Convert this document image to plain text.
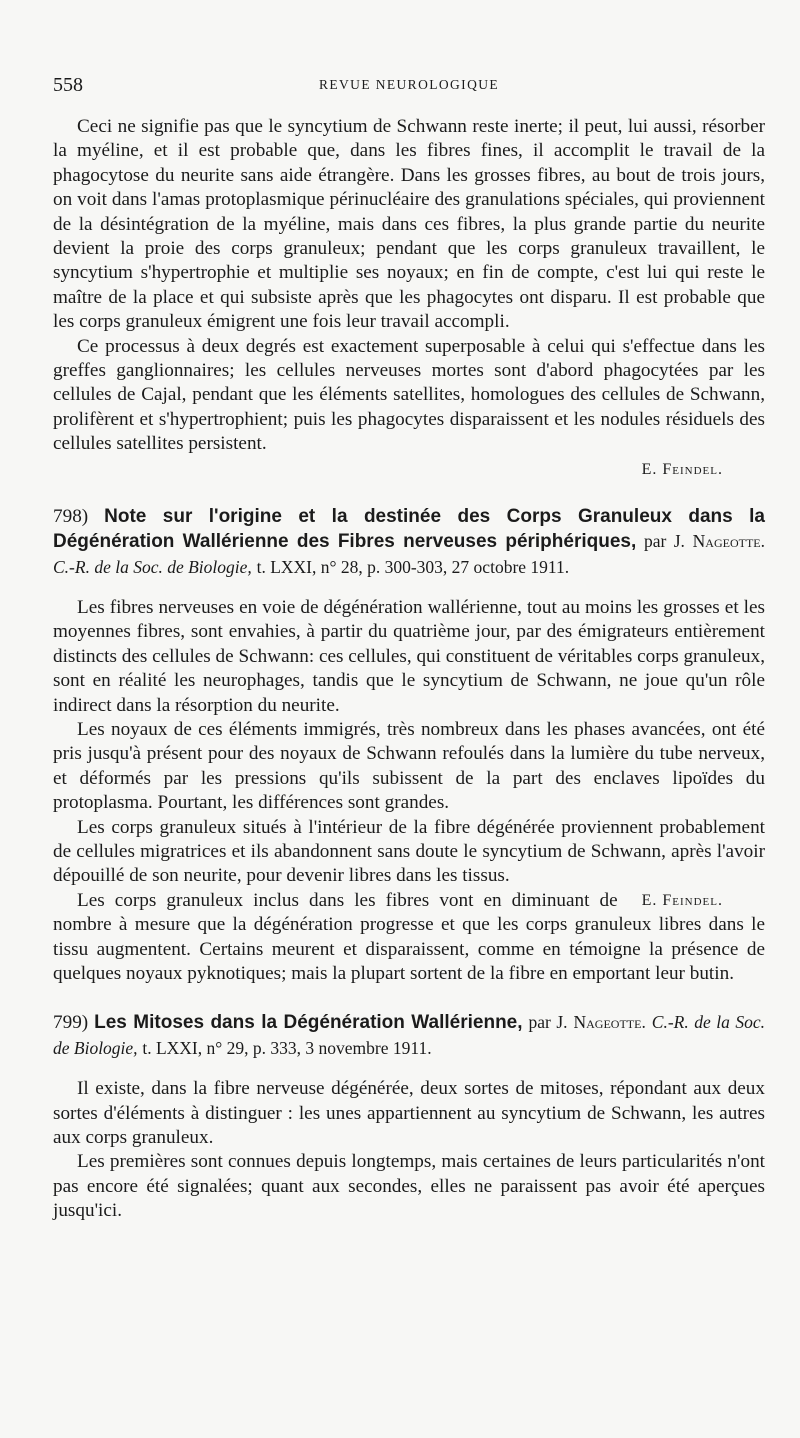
558	REVUE NEUROLOGIQUE

Ceci ne signifie pas que le syncytium de Schwann reste inerte; il peut, lui aussi, résorber la myéline, et il est probable que, dans les fibres fines, il accomplit le travail de la phagocytose du neurite sans aide étrangère. Dans les grosses fibres, au bout de trois jours, on voit dans l'amas protoplasmique périnucléaire des granulations spéciales, qui proviennent de la désintégration de la myéline, mais dans ces fibres, la plus grande partie du neurite devient la proie des corps granuleux; pendant que les corps granuleux travaillent, le syncytium s'hypertrophie et multiplie ses noyaux; en fin de compte, c'est lui qui reste le maître de la place et qui subsiste après que les phagocytes ont disparu. Il est probable que les corps granuleux émigrent une fois leur travail accompli.

Ce processus à deux degrés est exactement superposable à celui qui s'effectue dans les greffes ganglionnaires; les cellules nerveuses mortes sont d'abord phagocytées par les cellules de Cajal, pendant que les éléments satellites, homologues des cellules de Schwann, prolifèrent et s'hypertrophient; puis les phagocytes disparaissent et les nodules résiduels des cellules satellites persistent.

E. Feindel.

798) Note sur l'origine et la destinée des Corps Granuleux dans la Dégénération Wallérienne des Fibres nerveuses périphériques, par J. Nageotte. C.-R. de la Soc. de Biologie, t. LXXI, n° 28, p. 300-303, 27 octobre 1911.

Les fibres nerveuses en voie de dégénération wallérienne, tout au moins les grosses et les moyennes fibres, sont envahies, à partir du quatrième jour, par des émigrateurs entièrement distincts des cellules de Schwann: ces cellules, qui constituent de véritables corps granuleux, sont en réalité les neurophages, tandis que le syncytium de Schwann, ne joue qu'un rôle indirect dans la résorption du neurite.

Les noyaux de ces éléments immigrés, très nombreux dans les phases avancées, ont été pris jusqu'à présent pour des noyaux de Schwann refoulés dans la lumière du tube nerveux, et déformés par les pressions qu'ils subissent de la part des enclaves lipoïdes du protoplasma. Pourtant, les différences sont grandes.

Les corps granuleux situés à l'intérieur de la fibre dégénérée proviennent probablement de cellules migratrices et ils abandonnent sans doute le syncytium de Schwann, après l'avoir dépouillé de son neurite, pour devenir libres dans les tissus.

E. Feindel.
Les corps granuleux inclus dans les fibres vont en diminuant de nombre à mesure que la dégénération progresse et que les corps granuleux libres dans le tissu augmentent. Certains meurent et disparaissent, comme en témoigne la présence de quelques noyaux pyknotiques; mais la plupart sortent de la fibre en emportant leur butin.

799) Les Mitoses dans la Dégénération Wallérienne, par J. Nageotte. C.-R. de la Soc. de Biologie, t. LXXI, n° 29, p. 333, 3 novembre 1911.

Il existe, dans la fibre nerveuse dégénérée, deux sortes de mitoses, répondant aux deux sortes d'éléments à distinguer : les unes appartiennent au syncytium de Schwann, les autres aux corps granuleux.

Les premières sont connues depuis longtemps, mais certaines de leurs particularités n'ont pas encore été signalées; quant aux secondes, elles ne paraissent pas avoir été aperçues jusqu'ici.
